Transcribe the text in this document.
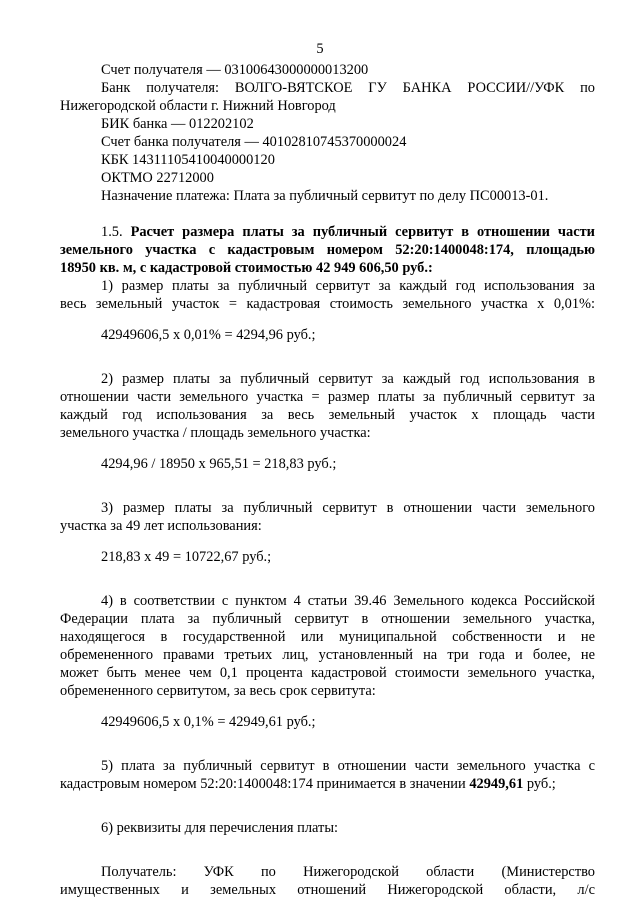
5
Счет получателя — 03100643000000013200
Банк получателя: ВОЛГО-ВЯТСКОЕ ГУ БАНКА РОССИИ//УФК по
Нижегородской области г. Нижний Новгород
БИК банка — 012202102
Счет банка получателя — 40102810745370000024
КБК 14311105410040000120
ОКТМО 22712000
Назначение платежа: Плата за публичный сервитут по делу ПС00013-01.
1.5. Расчет размера платы за публичный сервитут в отношении части
земельного участка с кадастровым номером 52:20:1400048:174, площадью
18950 кв. м, с кадастровой стоимостью 42 949 606,50 руб.:
1) размер платы за публичный сервитут за каждый год использования за
весь земельный участок = кадастровая стоимость земельного участка х 0,01%:
42949606,5 х 0,01% = 4294,96 руб.;
2) размер платы за публичный сервитут за каждый год использования в
отношении части земельного участка = размер платы за публичный сервитут за
каждый год использования за весь земельный участок х площадь части
земельного участка / площадь земельного участка:
4294,96 / 18950 х 965,51 = 218,83 руб.;
3) размер платы за публичный сервитут в отношении части земельного
участка за 49 лет использования:
218,83 х 49 = 10722,67 руб.;
4) в соответствии с пунктом 4 статьи 39.46 Земельного кодекса Российской
Федерации плата за публичный сервитут в отношении земельного участка,
находящегося в государственной или муниципальной собственности и не
обремененного правами третьих лиц, установленный на три года и более, не
может быть менее чем 0,1 процента кадастровой стоимости земельного участка,
обремененного сервитутом, за весь срок сервитута:
42949606,5 х 0,1% = 42949,61 руб.;
5) плата за публичный сервитут в отношении части земельного участка с
кадастровым номером 52:20:1400048:174 принимается в значении 42949,61 руб.;
6) реквизиты для перечисления платы:
Получатель: УФК по Нижегородской области (Министерство
имущественных и земельных отношений Нижегородской области, л/с
